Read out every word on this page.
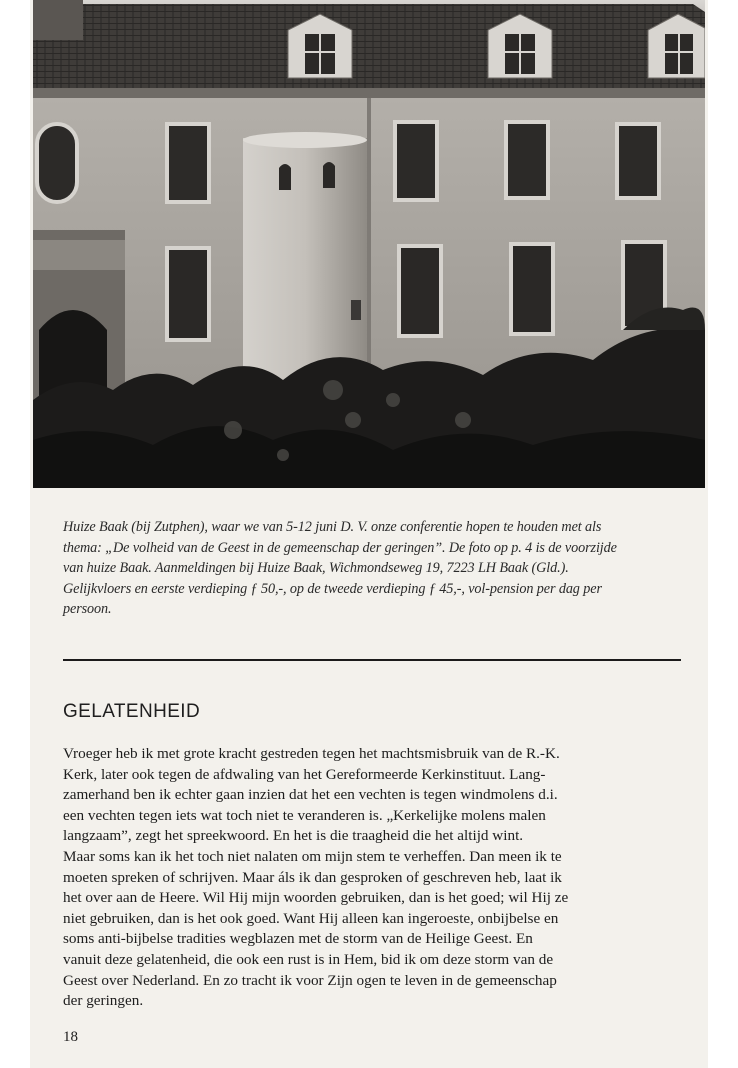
Huize Baak (bij Zutphen), waar we van 5-12 juni D. V. onze conferentie hopen te houden met als
thema: „De volheid van de Geest in de gemeenschap der geringen”. De foto op p. 4 is de voorzijde
van huize Baak. Aanmeldingen bij Huize Baak, Wichmondseweg 19, 7223 LH Baak (Gld.).
Gelijkvloers en eerste verdieping ƒ 50,-, op de tweede verdieping ƒ 45,-, vol-pension per dag per
persoon.
GELATENHEID
Vroeger heb ik met grote kracht gestreden tegen het machtsmisbruik van de R.-K.
Kerk, later ook tegen de afdwaling van het Gereformeerde Kerkinstituut. Lang-
zamerhand ben ik echter gaan inzien dat het een vechten is tegen windmolens d.i.
een vechten tegen iets wat toch niet te veranderen is. „Kerkelijke molens malen
langzaam”, zegt het spreekwoord. En het is die traagheid die het altijd wint.
Maar soms kan ik het toch niet nalaten om mijn stem te verheffen. Dan meen ik te
moeten spreken of schrijven. Maar áls ik dan gesproken of geschreven heb, laat ik
het over aan de Heere. Wil Hij mijn woorden gebruiken, dan is het goed; wil Hij ze
niet gebruiken, dan is het ook goed. Want Hij alleen kan ingeroeste, onbijbelse en
soms anti-bijbelse tradities wegblazen met de storm van de Heilige Geest. En
vanuit deze gelatenheid, die ook een rust is in Hem, bid ik om deze storm van de
Geest over Nederland. En zo tracht ik voor Zijn ogen te leven in de gemeenschap
der geringen.
18
